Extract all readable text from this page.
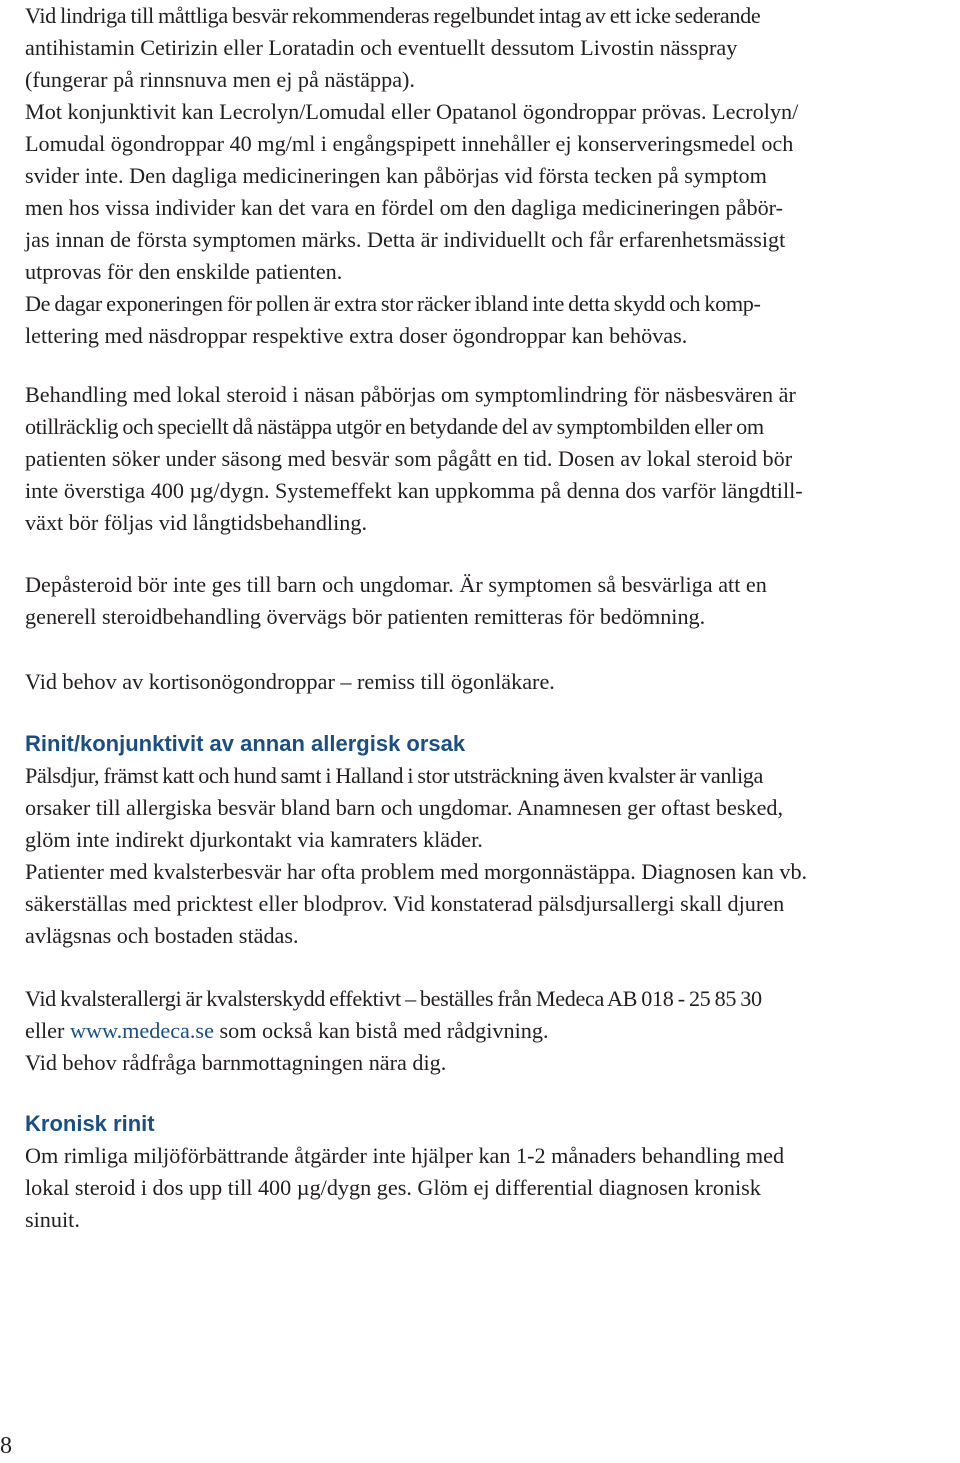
Vid lindriga till måttliga besvär rekommenderas regelbundet intag av ett icke sederande
antihistamin Cetirizin eller Loratadin och eventuellt dessutom Livostin nässpray
(fungerar på rinnsnuva men ej på nästäppa).
Mot konjunktivit kan Lecrolyn/Lomudal eller Opatanol ögondroppar prövas. Lecrolyn/
Lomudal ögondroppar 40 mg/ml i engångspipett innehåller ej konserveringsmedel och
svider inte. Den dagliga medicineringen kan påbörjas vid första tecken på symptom
men hos vissa individer kan det vara en fördel om den dagliga medicineringen påbör-
jas innan de första symptomen märks. Detta är individuellt och får erfarenhetsmässigt
utprovas för den enskilde patienten.
De dagar exponeringen för pollen är extra stor räcker ibland inte detta skydd och komp-
lettering med näsdroppar respektive extra doser ögondroppar kan behövas.
Behandling med lokal steroid i näsan påbörjas om symptomlindring för näsbesvären är
otillräcklig och speciellt då nästäppa utgör en betydande del av symptombilden eller om
patienten söker under säsong med besvär som pågått en tid. Dosen av lokal steroid bör
inte överstiga 400 µg/dygn. Systemeffekt kan uppkomma på denna dos varför längdtill-
växt bör följas vid långtidsbehandling.
Depåsteroid bör inte ges till barn och ungdomar. Är symptomen så besvärliga att en
generell steroidbehandling övervägs bör patienten remitteras för bedömning.
Vid behov av kortisonögondroppar – remiss till ögonläkare.
Rinit/konjunktivit av annan allergisk orsak
Pälsdjur, främst katt och hund samt i Halland i stor utsträckning även kvalster är vanliga
orsaker till allergiska besvär bland barn och ungdomar. Anamnesen ger oftast besked,
glöm inte indirekt djurkontakt via kamraters kläder.
Patienter med kvalsterbesvär har ofta problem med morgonnästäppa. Diagnosen kan vb.
säkerställas med pricktest eller blodprov. Vid konstaterad pälsdjursallergi skall djuren
avlägsnas och bostaden städas.
Vid kvalsterallergi är kvalsterskydd effektivt – beställes från Medeca AB 018 - 25 85 30
eller www.medeca.se som också kan bistå med rådgivning.
Vid behov rådfråga barnmottagningen nära dig.
Kronisk rinit
Om rimliga miljöförbättrande åtgärder inte hjälper kan 1-2 månaders behandling med
lokal steroid i dos upp till 400 µg/dygn ges. Glöm ej differential diagnosen kronisk
sinuit.
8
